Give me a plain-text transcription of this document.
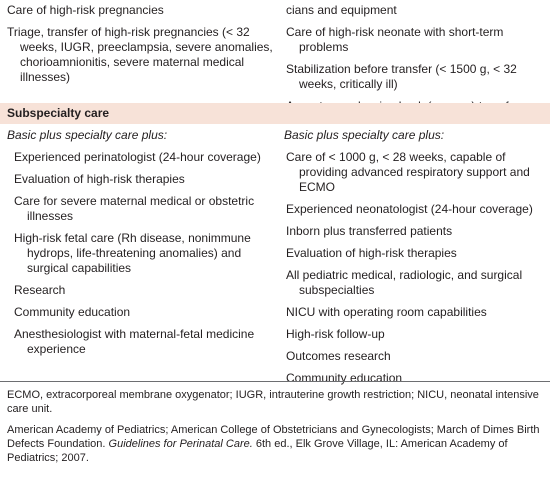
Care of high-risk pregnancies
Triage, transfer of high-risk pregnancies (< 32 weeks, IUGR, preeclampsia, severe anomalies, chorioamnionitis, severe maternal medical illnesses)
cians and equipment
Care of high-risk neonate with short-term problems
Stabilization before transfer (< 1500 g, < 32 weeks, critically ill)
Subspecialty care
Basic plus specialty care plus:
Experienced perinatologist (24-hour coverage)
Evaluation of high-risk therapies
Care for severe maternal medical or obstetric illnesses
High-risk fetal care (Rh disease, nonimmune hydrops, life-threatening anomalies) and surgical capabilities
Research
Community education
Anesthesiologist with maternal-fetal medicine experience
Basic plus specialty care plus:
Care of < 1000 g, < 28 weeks, capable of providing advanced respiratory support and ECMO
Experienced neonatologist (24-hour coverage)
Inborn plus transferred patients
Evaluation of high-risk therapies
All pediatric medical, radiologic, and surgical subspecialties
NICU with operating room capabilities
High-risk follow-up
Outcomes research
Community education
ECMO, extracorporeal membrane oxygenator; IUGR, intrauterine growth restriction; NICU, neonatal intensive care unit.
American Academy of Pediatrics; American College of Obstetricians and Gynecologists; March of Dimes Birth Defects Foundation. Guidelines for Perinatal Care. 6th ed., Elk Grove Village, IL: American Academy of Pediatrics; 2007.
